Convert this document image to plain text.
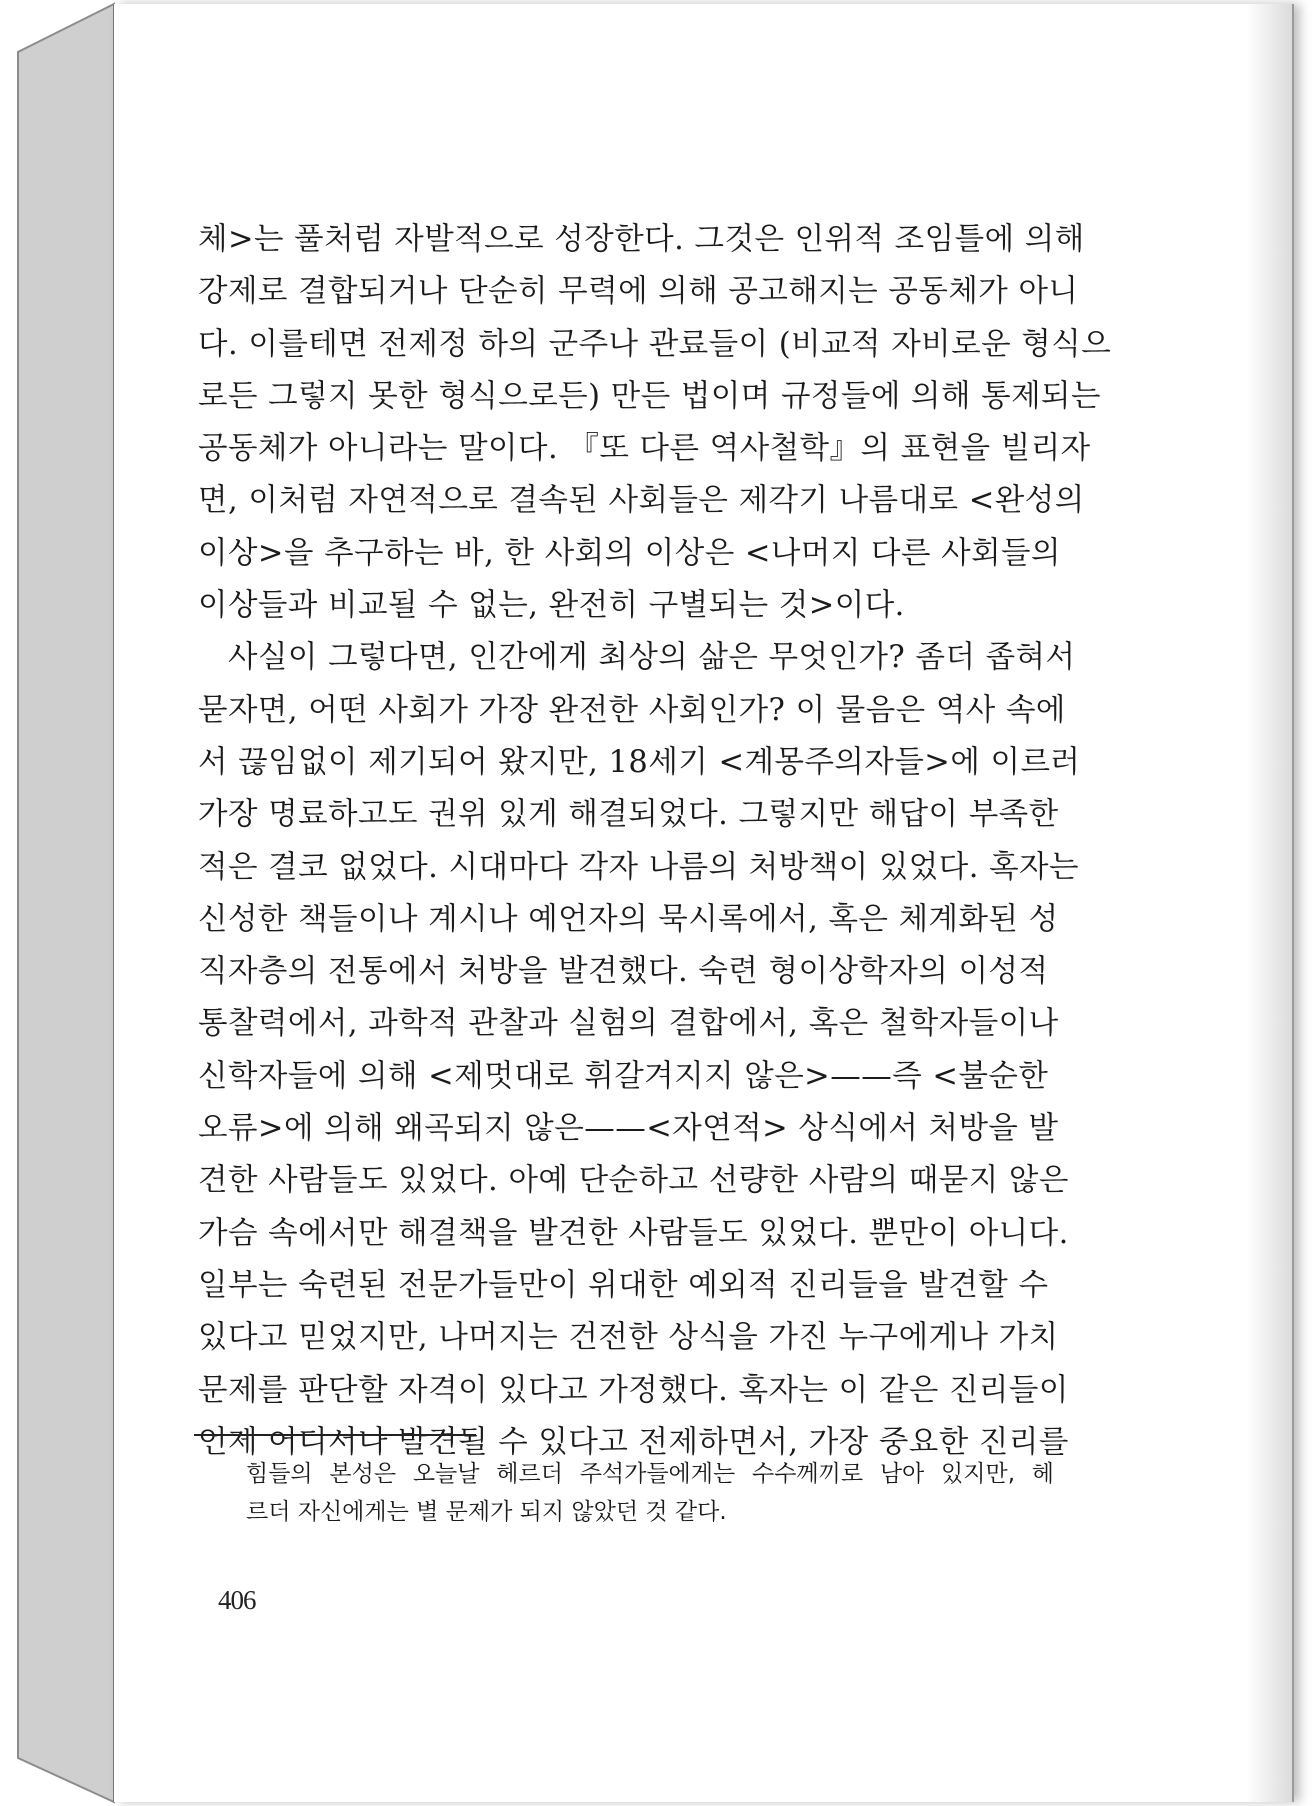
체>는 풀처럼 자발적으로 성장한다. 그것은 인위적 조임틀에 의해
강제로 결합되거나 단순히 무력에 의해 공고해지는 공동체가 아니
다. 이를테면 전제정 하의 군주나 관료들이 (비교적 자비로운 형식으
로든 그렇지 못한 형식으로든) 만든 법이며 규정들에 의해 통제되는
공동체가 아니라는 말이다. 『또 다른 역사철학』의 표현을 빌리자
면, 이처럼 자연적으로 결속된 사회들은 제각기 나름대로 <완성의
이상>을 추구하는 바, 한 사회의 이상은 <나머지 다른 사회들의
이상들과 비교될 수 없는, 완전히 구별되는 것>이다.
사실이 그렇다면, 인간에게 최상의 삶은 무엇인가? 좀더 좁혀서
묻자면, 어떤 사회가 가장 완전한 사회인가? 이 물음은 역사 속에
서 끊임없이 제기되어 왔지만, 18세기 <계몽주의자들>에 이르러
가장 명료하고도 권위 있게 해결되었다. 그렇지만 해답이 부족한
적은 결코 없었다. 시대마다 각자 나름의 처방책이 있었다. 혹자는
신성한 책들이나 계시나 예언자의 묵시록에서, 혹은 체계화된 성
직자층의 전통에서 처방을 발견했다. 숙련 형이상학자의 이성적
통찰력에서, 과학적 관찰과 실험의 결합에서, 혹은 철학자들이나
신학자들에 의해 <제멋대로 휘갈겨지지 않은>——즉 <불순한
오류>에 의해 왜곡되지 않은——<자연적> 상식에서 처방을 발
견한 사람들도 있었다. 아예 단순하고 선량한 사람의 때묻지 않은
가슴 속에서만 해결책을 발견한 사람들도 있었다. 뿐만이 아니다.
일부는 숙련된 전문가들만이 위대한 예외적 진리들을 발견할 수
있다고 믿었지만, 나머지는 건전한 상식을 가진 누구에게나 가치
문제를 판단할 자격이 있다고 가정했다. 혹자는 이 같은 진리들이
언제 어디서나 발견될 수 있다고 전제하면서, 가장 중요한 진리를
힘들의 본성은 오늘날 헤르더 주석가들에게는 수수께끼로 남아 있지만, 헤
르더 자신에게는 별 문제가 되지 않았던 것 같다.
406
